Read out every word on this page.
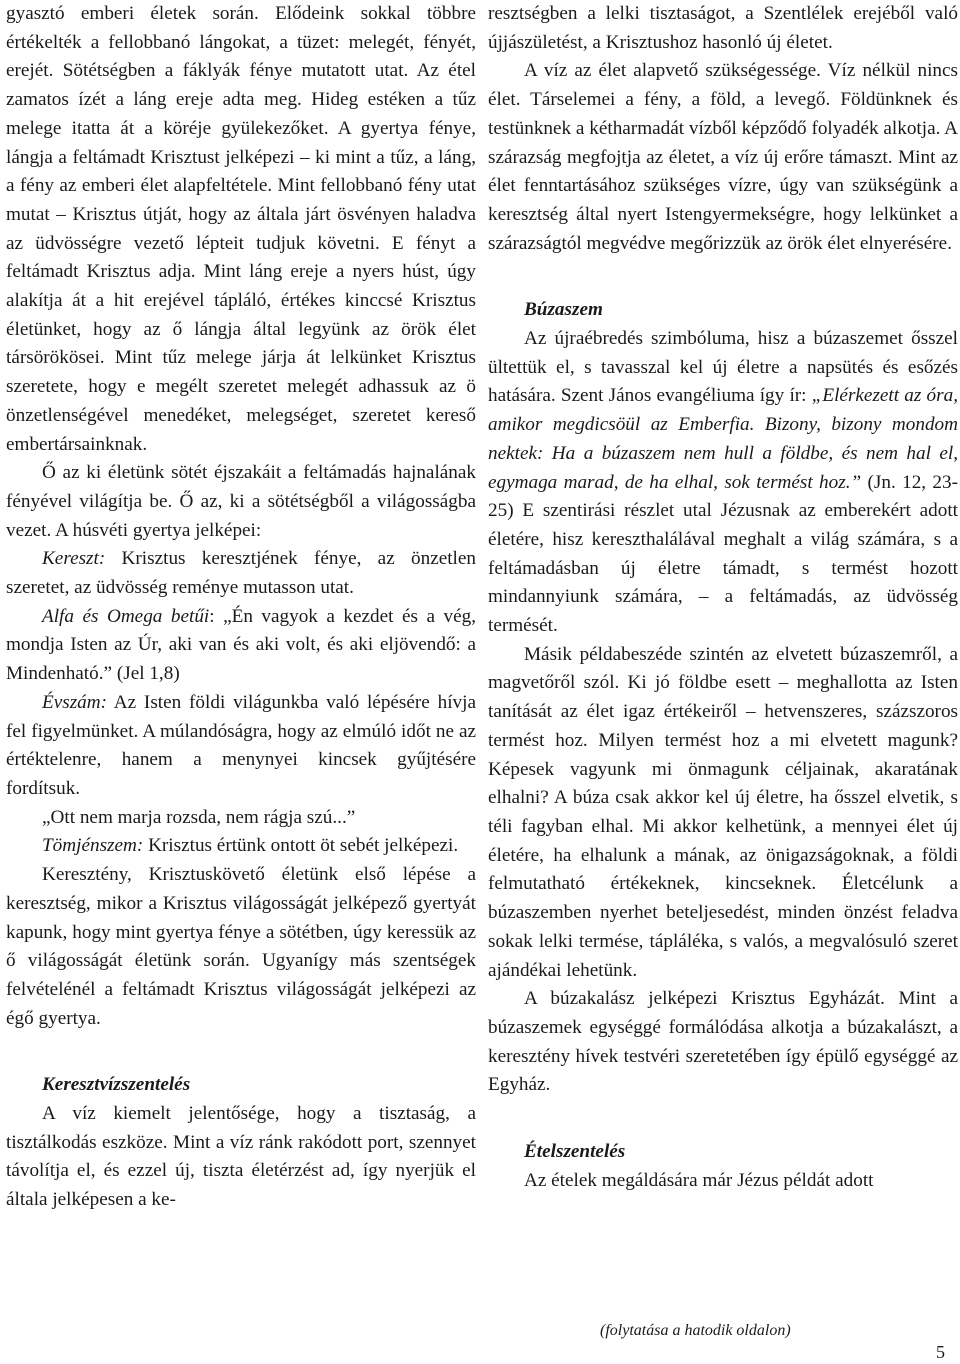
gyasztó emberi életek során. Elődeink sokkal többre értékelték a fellobbanó lángokat, a tüzet: melegét, fényét, erejét. Sötétségben a fáklyák fénye mutatott utat. Az étel zamatos ízét a láng ereje adta meg. Hideg estéken a tűz melege itatta át a köréje gyülekezőket. A gyertya fénye, lángja a feltámadt Krisztust jelképezi – ki mint a tűz, a láng, a fény az emberi élet alapfeltétele. Mint fellobbanó fény utat mutat – Krisztus útját, hogy az általa járt ösvényen haladva az üdvösségre vezető lépteit tudjuk követni. E fényt a feltámadt Krisztus adja. Mint láng ereje a nyers húst, úgy alakítja át a hit erejével tápláló, értékes kinccsé Krisztus életünket, hogy az ő lángja által legyünk az örök élet társörökösei. Mint tűz melege járja át lelkünket Krisztus szeretete, hogy e megélt szeretet melegét adhassuk az ö önzetlenségével menedéket, melegséget, szeretet kereső embertársainknak.

Ő az ki életünk sötét éjszakáit a feltámadás hajnalának fényével világítja be. Ő az, ki a sötétségből a világosságba vezet. A húsvéti gyertya jelképei:

Kereszt: Krisztus keresztjének fénye, az önzetlen szeretet, az üdvösség reménye mutasson utat.

Alfa és Omega betűi: „Én vagyok a kezdet és a vég, mondja Isten az Úr, aki van és aki volt, és aki eljövendő: a Mindenható.” (Jel 1,8)

Évszám: Az Isten földi világunkba való lépésére hívja fel figyelmünket. A múlandóságra, hogy az elmúló időt ne az értéktelenre, hanem a menynyei kincsek gyűjtésére fordítsuk.

„Ott nem marja rozsda, nem rágja szú...”

Tömjénszem: Krisztus értünk ontott öt sebét jelképezi.

Keresztény, Krisztuskövető életünk első lépése a keresztség, mikor a Krisztus világosságát jelképező gyertyát kapunk, hogy mint gyertya fénye a sötétben, úgy keressük az ő világosságát életünk során. Ugyanígy más szentségek felvételénél a feltámadt Krisztus világosságát jelképezi az égő gyertya.

Keresztvízszentelés

A víz kiemelt jelentősége, hogy a tisztaság, a tisztálkodás eszköze. Mint a víz ránk rakódott port, szennyet távolítja el, és ezzel új, tiszta életérzést ad, így nyerjük el általa jelképesen a ke-

resztségben a lelki tisztaságot, a Szentlélek erejéből való újjászületést, a Krisztushoz hasonló új életet.

A víz az élet alapvető szükségessége. Víz nélkül nincs élet. Társelemei a fény, a föld, a levegő. Földünknek és testünknek a kétharmadát vízből képződő folyadék alkotja. A szárazság megfojtja az életet, a víz új erőre támaszt. Mint az élet fenntartásához szükséges vízre, úgy van szükségünk a keresztség által nyert Istengyermekségre, hogy lelkünket a szárazságtól megvédve megőrizzük az örök élet elnyerésére.

Búzaszem

Az újraébredés szimbóluma, hisz a búzaszemet ősszel ültettük el, s tavasszal kel új életre a napsütés és esőzés hatására. Szent János evangéliuma így ír: „Elérkezett az óra, amikor megdicsöül az Emberfia. Bizony, bizony mondom nektek: Ha a búzaszem nem hull a földbe, és nem hal el, egymaga marad, de ha elhal, sok termést hoz.” (Jn. 12, 23-25) E szentirási részlet utal Jézusnak az emberekért adott életére, hisz kereszthalálával meghalt a világ számára, s a feltámadásban új életre támadt, s termést hozott mindannyiunk számára, – a feltámadás, az üdvösség termését.

Másik példabeszéde szintén az elvetett búzaszemről, a magvetőről szól. Ki jó földbe esett – meghallotta az Isten tanítását az élet igaz értékeiről – hetvenszeres, százszoros termést hoz. Milyen termést hoz a mi elvetett magunk? Képesek vagyunk mi önmagunk céljainak, akaratának elhalni? A búza csak akkor kel új életre, ha ősszel elvetik, s téli fagyban elhal. Mi akkor kelhetünk, a mennyei élet új életére, ha elhalunk a mának, az önigazságoknak, a földi felmutatható értékeknek, kincseknek. Életcélunk a búzaszemben nyerhet beteljesedést, minden önzést feladva sokak lelki termése, tápláléka, s valós, a megvalósuló szeret ajándékai lehetünk.

A búzakalász jelképezi Krisztus Egyházát. Mint a búzaszemek egységgé formálódása alkotja a búzakalászt, a keresztény hívek testvéri szeretetében így épülő egységgé az Egyház.

Ételszentelés

Az ételek megáldására már Jézus példát adott

(folytatása a hatodik oldalon)
5
